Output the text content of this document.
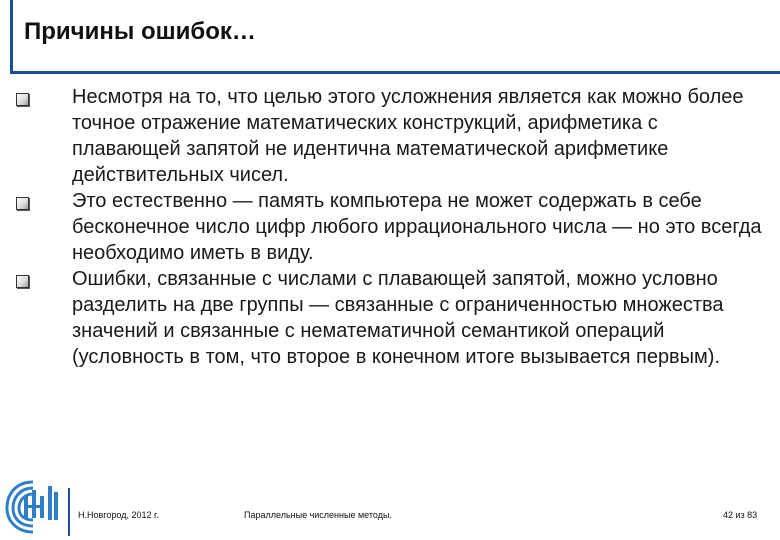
Причины ошибок…
Несмотря на то, что целью этого усложнения является как можно более точное отражение математических конструкций, арифметика с плавающей запятой не идентична математической арифметике действительных чисел.
Это естественно — память компьютера не может содержать в себе бесконечное число цифр любого иррационального числа — но это всегда необходимо иметь в виду.
Ошибки, связанные с числами с плавающей запятой, можно условно разделить на две группы — связанные с ограниченностью множества значений и связанные с нематематичной семантикой операций (условность в том, что второе в конечном итоге вызывается первым).
Н.Новгород, 2012 г.	Параллельные численные методы.	42 из 83
